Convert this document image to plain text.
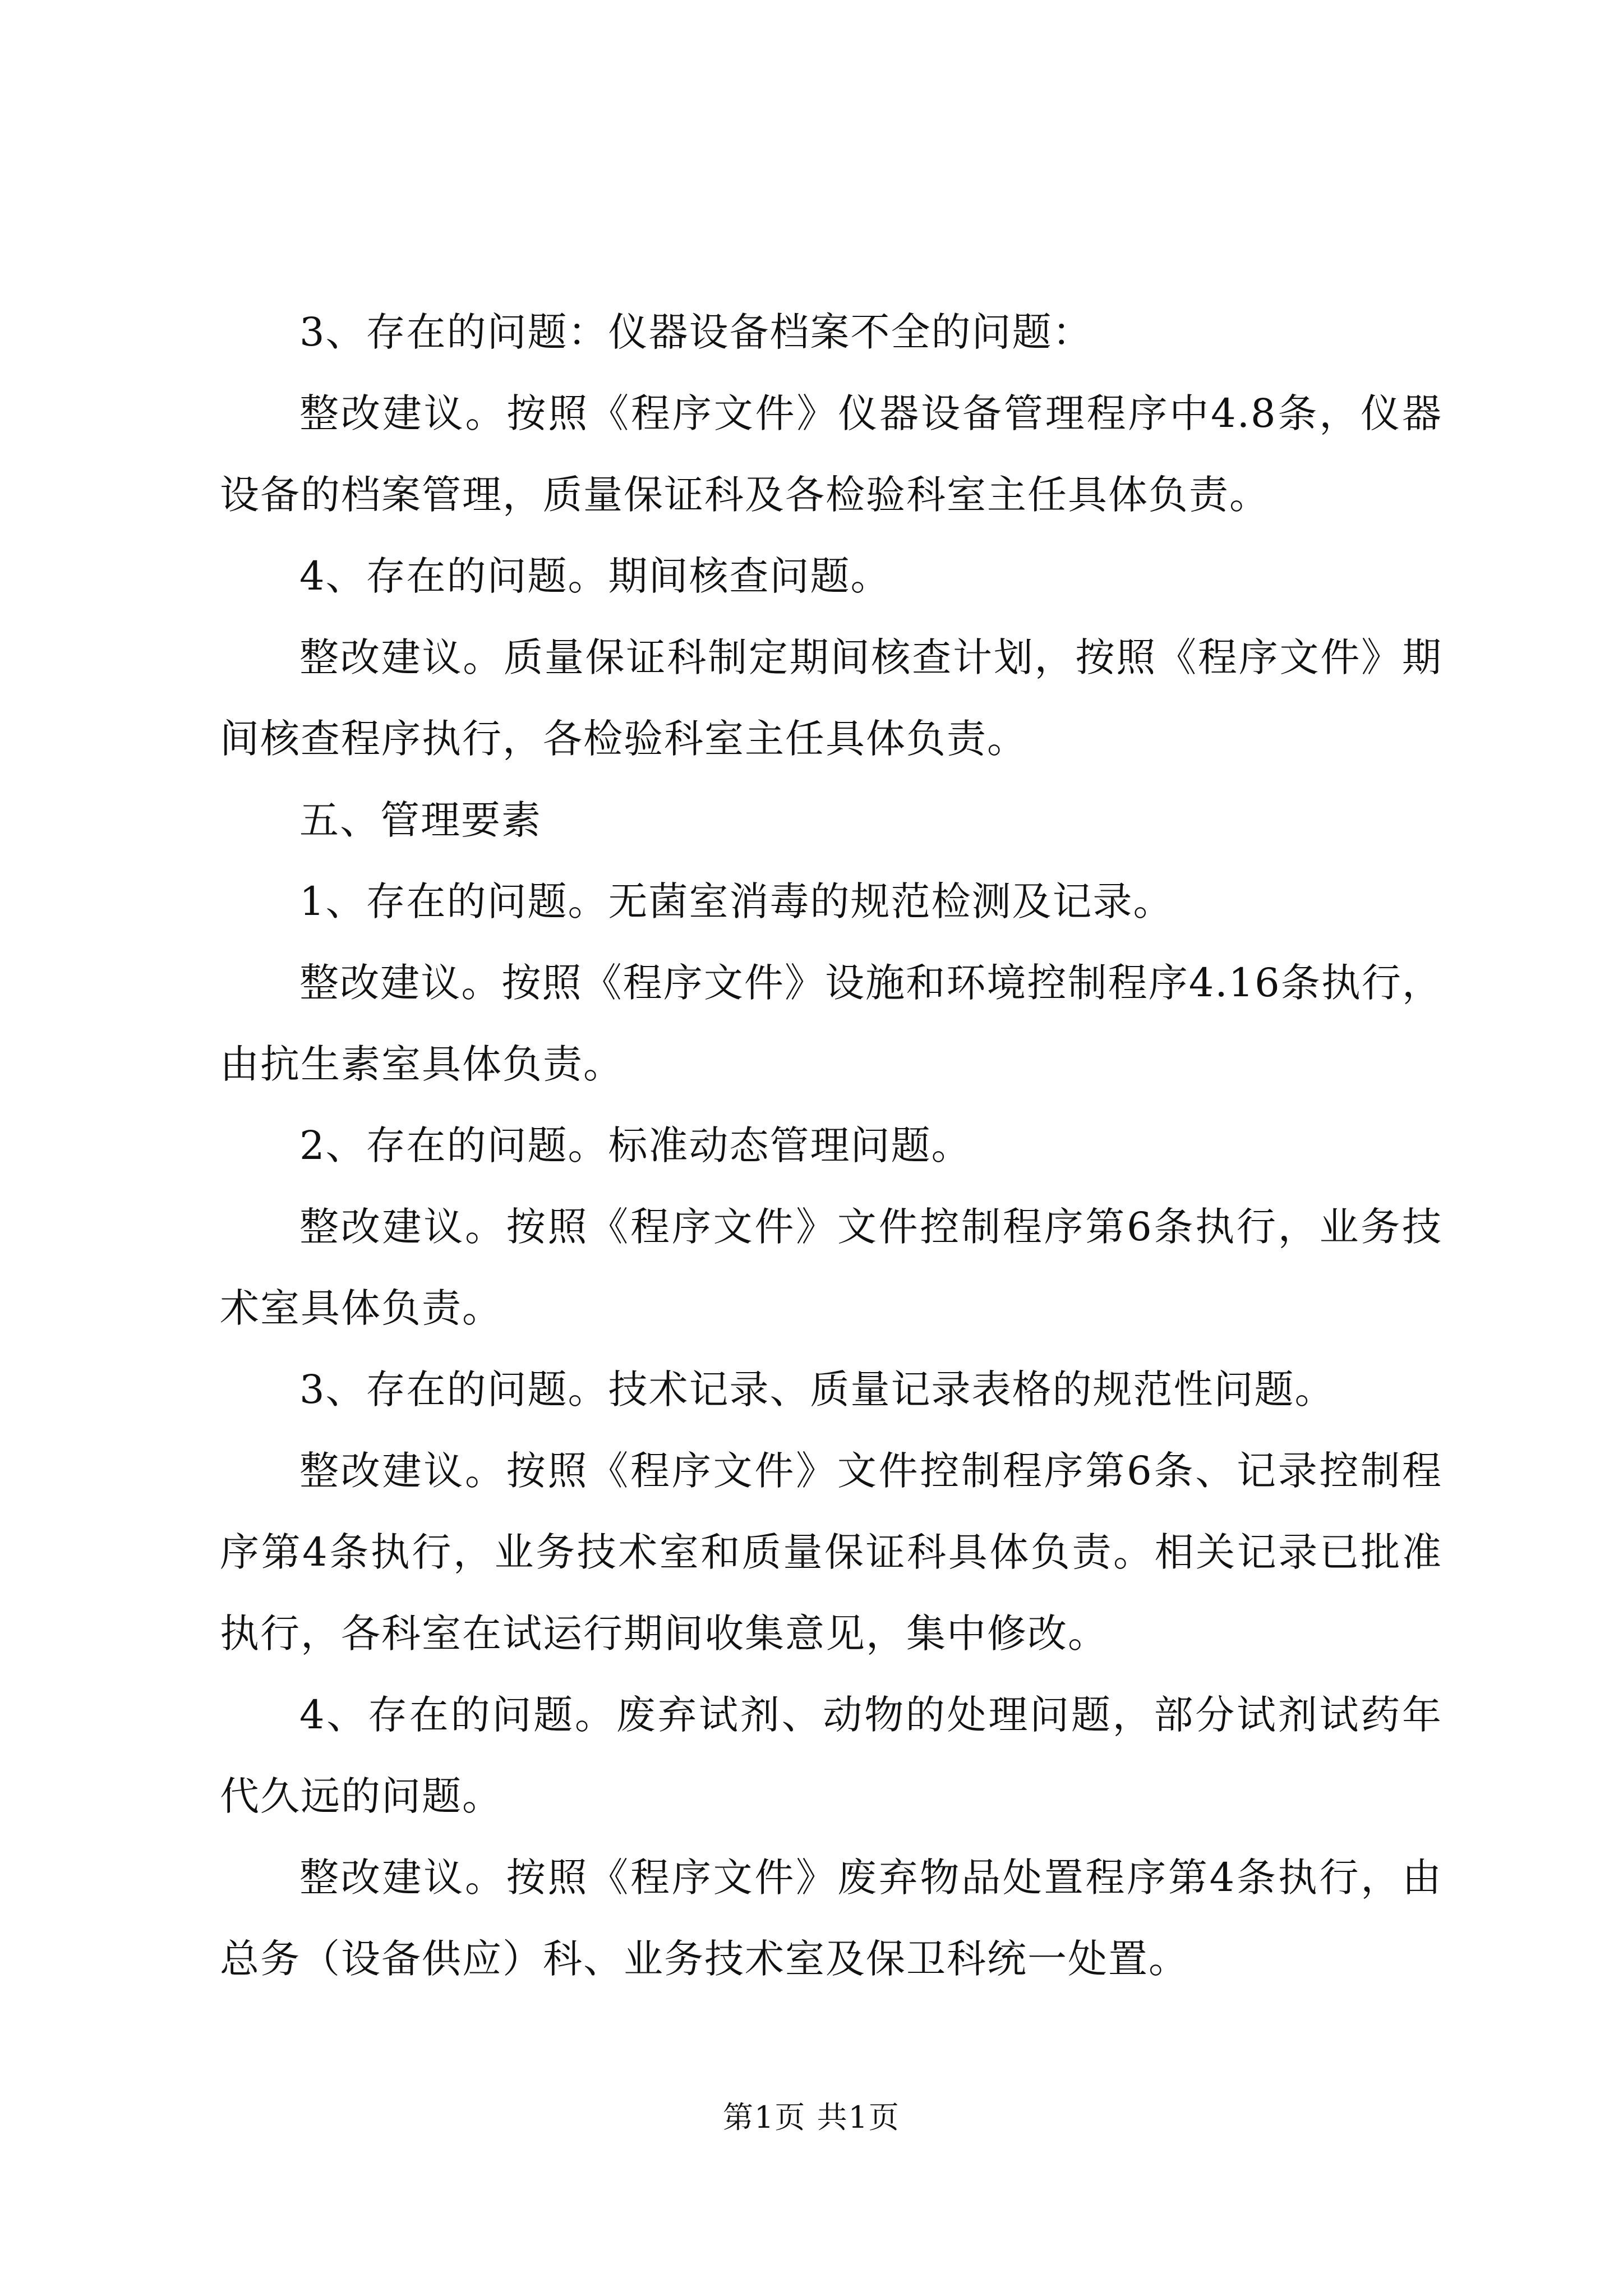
3、存在的问题：仪器设备档案不全的问题：

整改建议。按照《程序文件》仪器设备管理程序中4.8条，仪器设备的档案管理，质量保证科及各检验科室主任具体负责。

4、存在的问题。期间核查问题。

整改建议。质量保证科制定期间核查计划，按照《程序文件》期间核查程序执行，各检验科室主任具体负责。

五、管理要素

1、存在的问题。无菌室消毒的规范检测及记录。

整改建议。按照《程序文件》设施和环境控制程序4.16条执行，由抗生素室具体负责。

2、存在的问题。标准动态管理问题。

整改建议。按照《程序文件》文件控制程序第6条执行，业务技术室具体负责。

3、存在的问题。技术记录、质量记录表格的规范性问题。

整改建议。按照《程序文件》文件控制程序第6条、记录控制程序第4条执行，业务技术室和质量保证科具体负责。相关记录已批准执行，各科室在试运行期间收集意见，集中修改。

4、存在的问题。废弃试剂、动物的处理问题，部分试剂试药年代久远的问题。

整改建议。按照《程序文件》废弃物品处置程序第4条执行，由总务（设备供应）科、业务技术室及保卫科统一处置。

第1页 共1页
